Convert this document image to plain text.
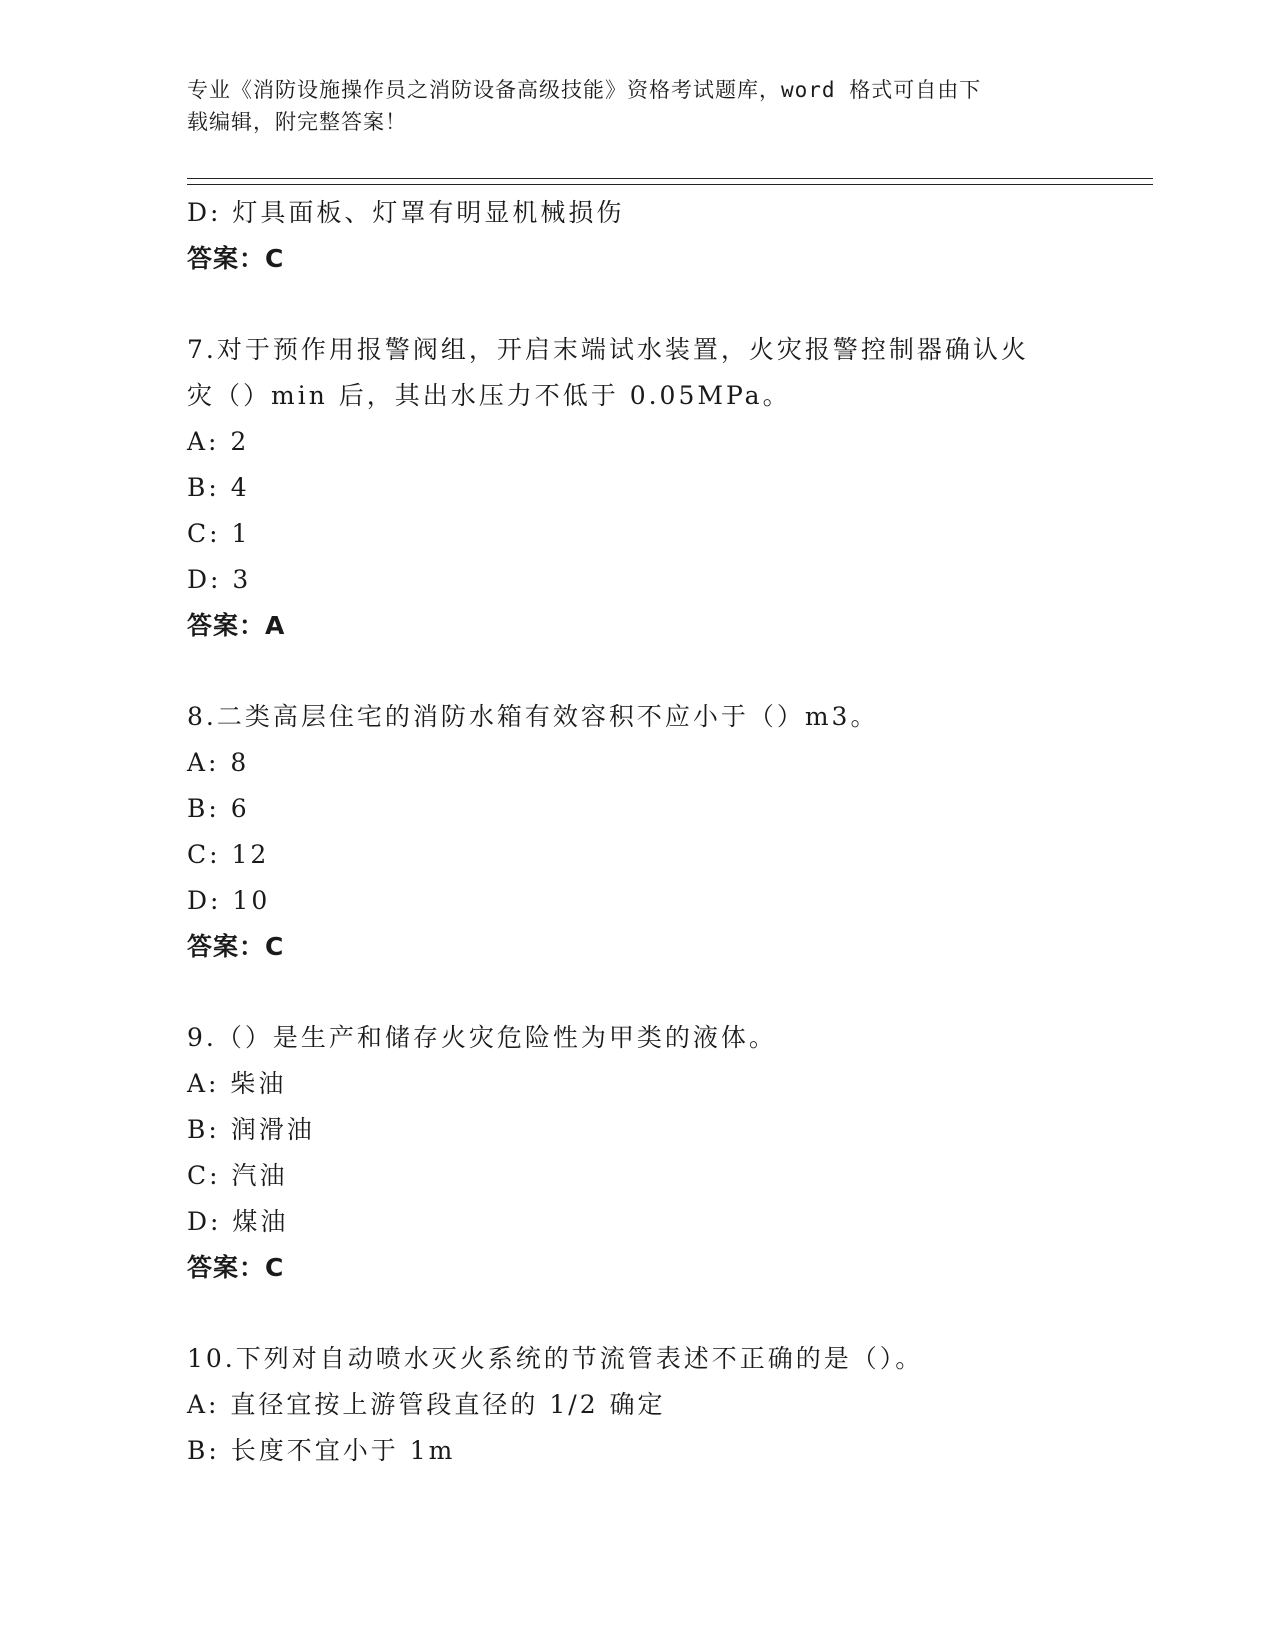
专业《消防设施操作员之消防设备高级技能》资格考试题库，word 格式可自由下
载编辑，附完整答案！
D: 灯具面板、灯罩有明显机械损伤
答案：C
7.对于预作用报警阀组，开启末端试水装置，火灾报警控制器确认火
灾（）min 后，其出水压力不低于 0.05MPa。
A: 2
B: 4
C: 1
D: 3
答案：A
8.二类高层住宅的消防水箱有效容积不应小于（）m3。
A: 8
B: 6
C: 12
D: 10
答案：C
9.（）是生产和储存火灾危险性为甲类的液体。
A: 柴油
B: 润滑油
C: 汽油
D: 煤油
答案：C
10.下列对自动喷水灭火系统的节流管表述不正确的是（）。
A: 直径宜按上游管段直径的 1/2 确定
B: 长度不宜小于 1m
